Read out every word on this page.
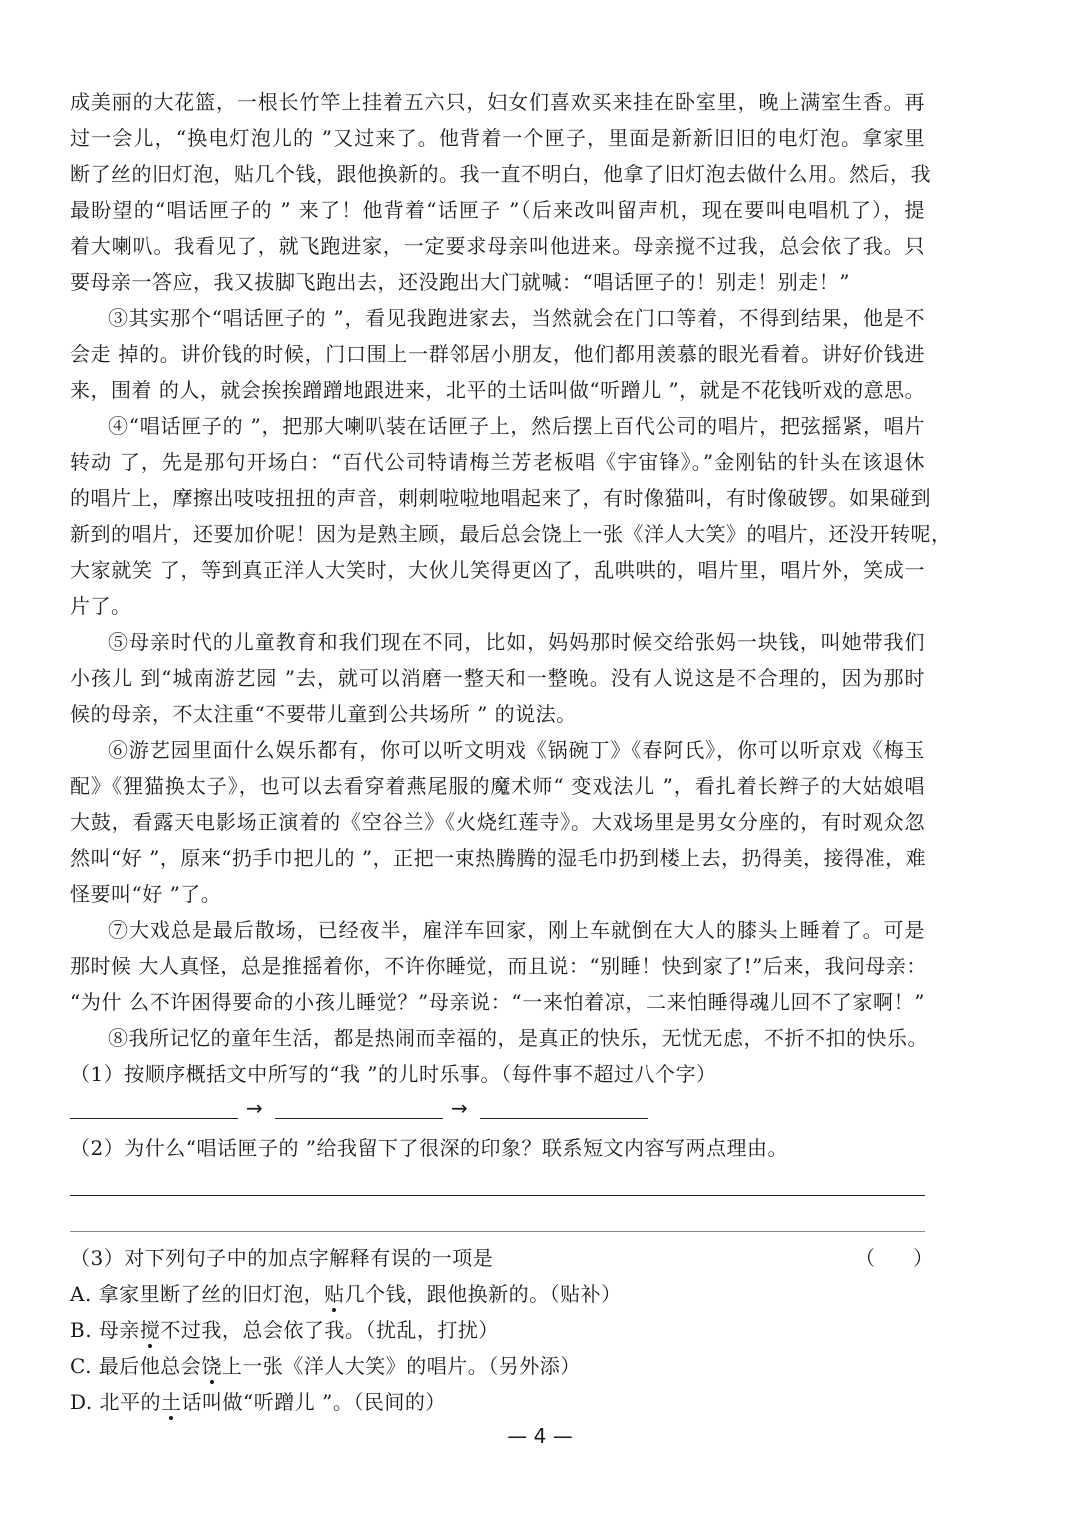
成美丽的大花篮，一根长竹竿上挂着五六只，妇女们喜欢买来挂在卧室里，晚上满室生香。再
过一会儿，“换电灯泡儿的 ”又过来了。他背着一个匣子，里面是新新旧旧的电灯泡。拿家里
断了丝的旧灯泡，贴几个钱，跟他换新的。我一直不明白，他拿了旧灯泡去做什么用。然后，我
最盼望的“唱话匣子的 ” 来了！他背着“话匣子 ”（后来改叫留声机，现在要叫电唱机了），提
着大喇叭。我看见了，就飞跑进家，一定要求母亲叫他进来。母亲搅不过我，总会依了我。只
要母亲一答应，我又拔脚飞跑出去，还没跑出大门就喊：“唱话匣子的！别走！别走！”
③其实那个“唱话匣子的 ”，看见我跑进家去，当然就会在门口等着，不得到结果，他是不
会走 掉的。讲价钱的时候，门口围上一群邻居小朋友，他们都用羡慕的眼光看着。讲好价钱进
来，围着 的人，就会挨挨蹭蹭地跟进来，北平的土话叫做“听蹭儿 ”，就是不花钱听戏的意思。
④“唱话匣子的 ”，把那大喇叭装在话匣子上，然后摆上百代公司的唱片，把弦摇紧，唱片
转动 了，先是那句开场白：“百代公司特请梅兰芳老板唱《宇宙锋》。”金刚钻的针头在该退休
的唱片上，摩擦出吱吱扭扭的声音，刺刺啦啦地唱起来了，有时像猫叫，有时像破锣。如果碰到
新到的唱片，还要加价呢！因为是熟主顾，最后总会饶上一张《洋人大笑》的唱片，还没开转呢，
大家就笑 了，等到真正洋人大笑时，大伙儿笑得更凶了，乱哄哄的，唱片里，唱片外，笑成一
片了。
⑤母亲时代的儿童教育和我们现在不同，比如，妈妈那时候交给张妈一块钱，叫她带我们
小孩儿 到“城南游艺园 ”去，就可以消磨一整天和一整晚。没有人说这是不合理的，因为那时
候的母亲，不太注重“不要带儿童到公共场所 ” 的说法。
⑥游艺园里面什么娱乐都有，你可以听文明戏《锅碗丁》《春阿氏》，你可以听京戏《梅玉
配》《狸猫换太子》，也可以去看穿着燕尾服的魔术师“ 变戏法儿 ”，看扎着长辫子的大姑娘唱
大鼓，看露天电影场正演着的《空谷兰》《火烧红莲寺》。大戏场里是男女分座的，有时观众忽
然叫“好 ”，原来“扔手巾把儿的 ”，正把一束热腾腾的湿毛巾扔到楼上去，扔得美，接得准，难
怪要叫“好 ”了。
⑦大戏总是最后散场，已经夜半，雇洋车回家，刚上车就倒在大人的膝头上睡着了。可是
那时候 大人真怪，总是推摇着你，不许你睡觉，而且说：“别睡！快到家了!”后来，我问母亲：
“为什 么不许困得要命的小孩儿睡觉？”母亲说：“一来怕着凉，二来怕睡得魂儿回不了家啊！”
⑧我所记忆的童年生活，都是热闹而幸福的，是真正的快乐，无忧无虑，不折不扣的快乐。
（1）按顺序概括文中所写的“我 ”的儿时乐事。（每件事不超过八个字）
→	→
（2）为什么“唱话匣子的 ”给我留下了很深的印象？联系短文内容写两点理由。
（3）对下列句子中的加点字解释有误的一项是	（      ）
A. 拿家里断了丝的旧灯泡，贴几个钱，跟他换新的。（贴补）
B. 母亲搅不过我，总会依了我。（扰乱，打扰）
C. 最后他总会饶上一张《洋人大笑》的唱片。（另外添）
D. 北平的土话叫做“听蹭儿 ”。（民间的）
— 4 —
